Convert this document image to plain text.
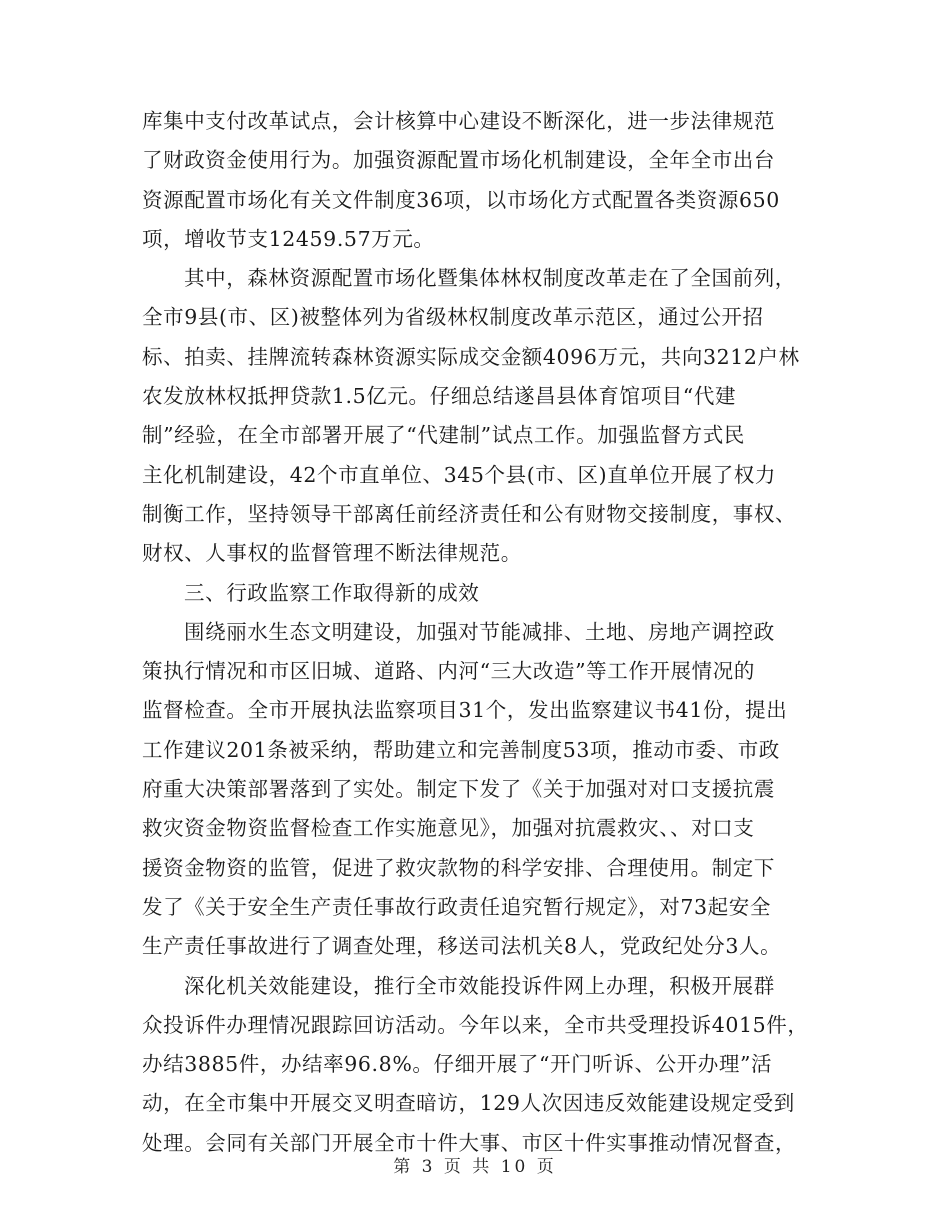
库集中支付改革试点，会计核算中心建设不断深化，进一步法律规范
了财政资金使用行为。加强资源配置市场化机制建设，全年全市出台
资源配置市场化有关文件制度36项，以市场化方式配置各类资源650
项，增收节支12459.57万元。
其中，森林资源配置市场化暨集体林权制度改革走在了全国前列，
全市9县(市、区)被整体列为省级林权制度改革示范区，通过公开招
标、拍卖、挂牌流转森林资源实际成交金额4096万元，共向3212户林
农发放林权抵押贷款1.5亿元。仔细总结遂昌县体育馆项目“代建
制”经验，在全市部署开展了“代建制”试点工作。加强监督方式民
主化机制建设，42个市直单位、345个县(市、区)直单位开展了权力
制衡工作，坚持领导干部离任前经济责任和公有财物交接制度，事权、
财权、人事权的监督管理不断法律规范。
三、行政监察工作取得新的成效
围绕丽水生态文明建设，加强对节能减排、土地、房地产调控政
策执行情况和市区旧城、道路、内河“三大改造”等工作开展情况的
监督检查。全市开展执法监察项目31个，发出监察建议书41份，提出
工作建议201条被采纳，帮助建立和完善制度53项，推动市委、市政
府重大决策部署落到了实处。制定下发了《关于加强对对口支援抗震
救灾资金物资监督检查工作实施意见》，加强对抗震救灾、、对口支
援资金物资的监管，促进了救灾款物的科学安排、合理使用。制定下
发了《关于安全生产责任事故行政责任追究暂行规定》，对73起安全
生产责任事故进行了调查处理，移送司法机关8人，党政纪处分3人。
深化机关效能建设，推行全市效能投诉件网上办理，积极开展群
众投诉件办理情况跟踪回访活动。今年以来，全市共受理投诉4015件，
办结3885件，办结率96.8%。仔细开展了“开门听诉、公开办理”活
动，在全市集中开展交叉明查暗访，129人次因违反效能建设规定受到
处理。会同有关部门开展全市十件大事、市区十件实事推动情况督查，
第 3 页 共 10 页
